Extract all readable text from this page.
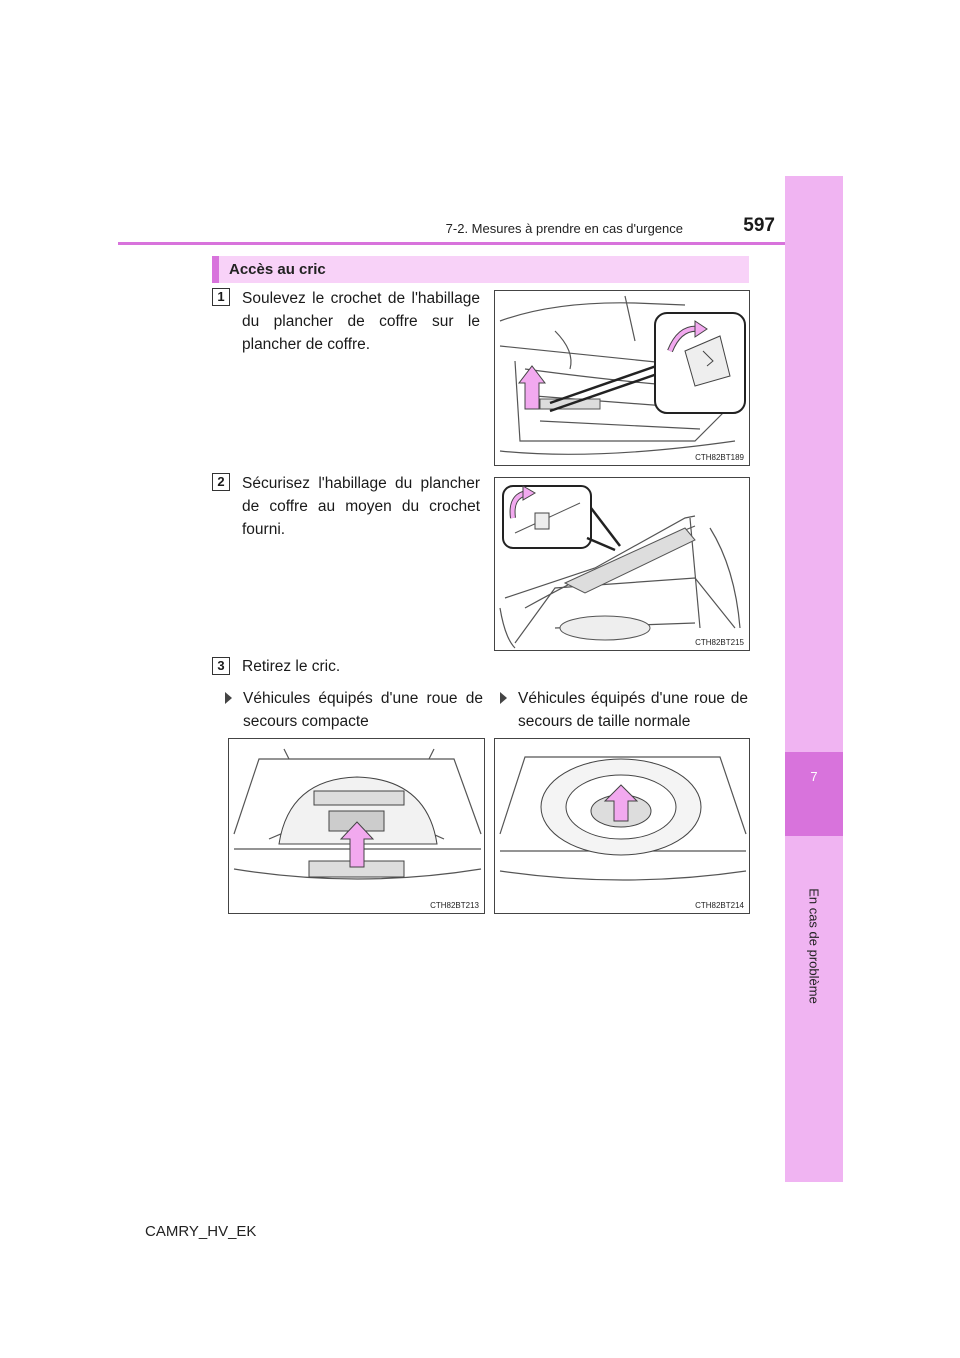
7
En cas de problème
7-2. Mesures à prendre en cas d'urgence	597
Accès au cric
1	Soulevez le crochet de l'habillage du plancher de coffre sur le plancher de coffre.
CTH82BT189
2	Sécurisez l'habillage du plancher de coffre au moyen du crochet fourni.
CTH82BT215
3	Retirez le cric.
Véhicules équipés d'une roue de secours compacte
Véhicules équipés d'une roue de secours de taille normale
CTH82BT213	CTH82BT214
CAMRY_HV_EK
